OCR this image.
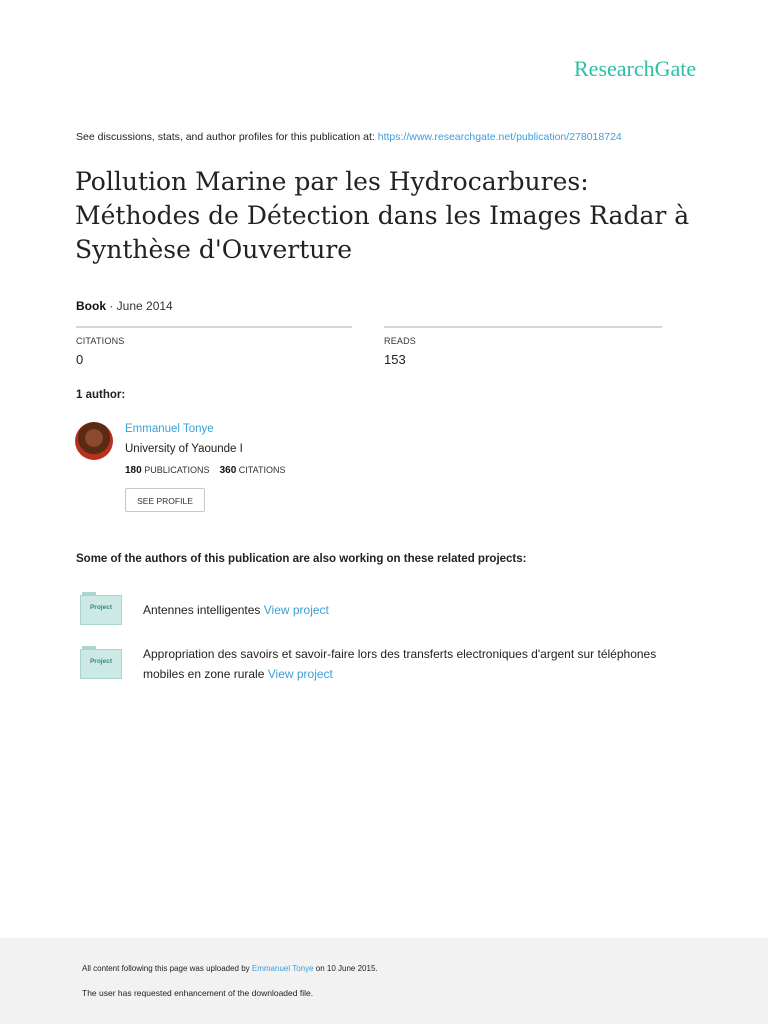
ResearchGate
See discussions, stats, and author profiles for this publication at: https://www.researchgate.net/publication/278018724
Pollution Marine par les Hydrocarbures:
Méthodes de Détection dans les Images Radar à
Synthèse d'Ouverture
Book · June 2014
CITATIONS
0
READS
153
1 author:
Emmanuel Tonye
University of Yaounde I
180 PUBLICATIONS 360 CITATIONS
SEE PROFILE
Some of the authors of this publication are also working on these related projects:
Project	Antennes intelligentes View project
Project
Appropriation des savoirs et savoir-faire lors des transferts electroniques d'argent sur téléphones mobiles en zone rurale View project
All content following this page was uploaded by Emmanuel Tonye on 10 June 2015.
The user has requested enhancement of the downloaded file.
